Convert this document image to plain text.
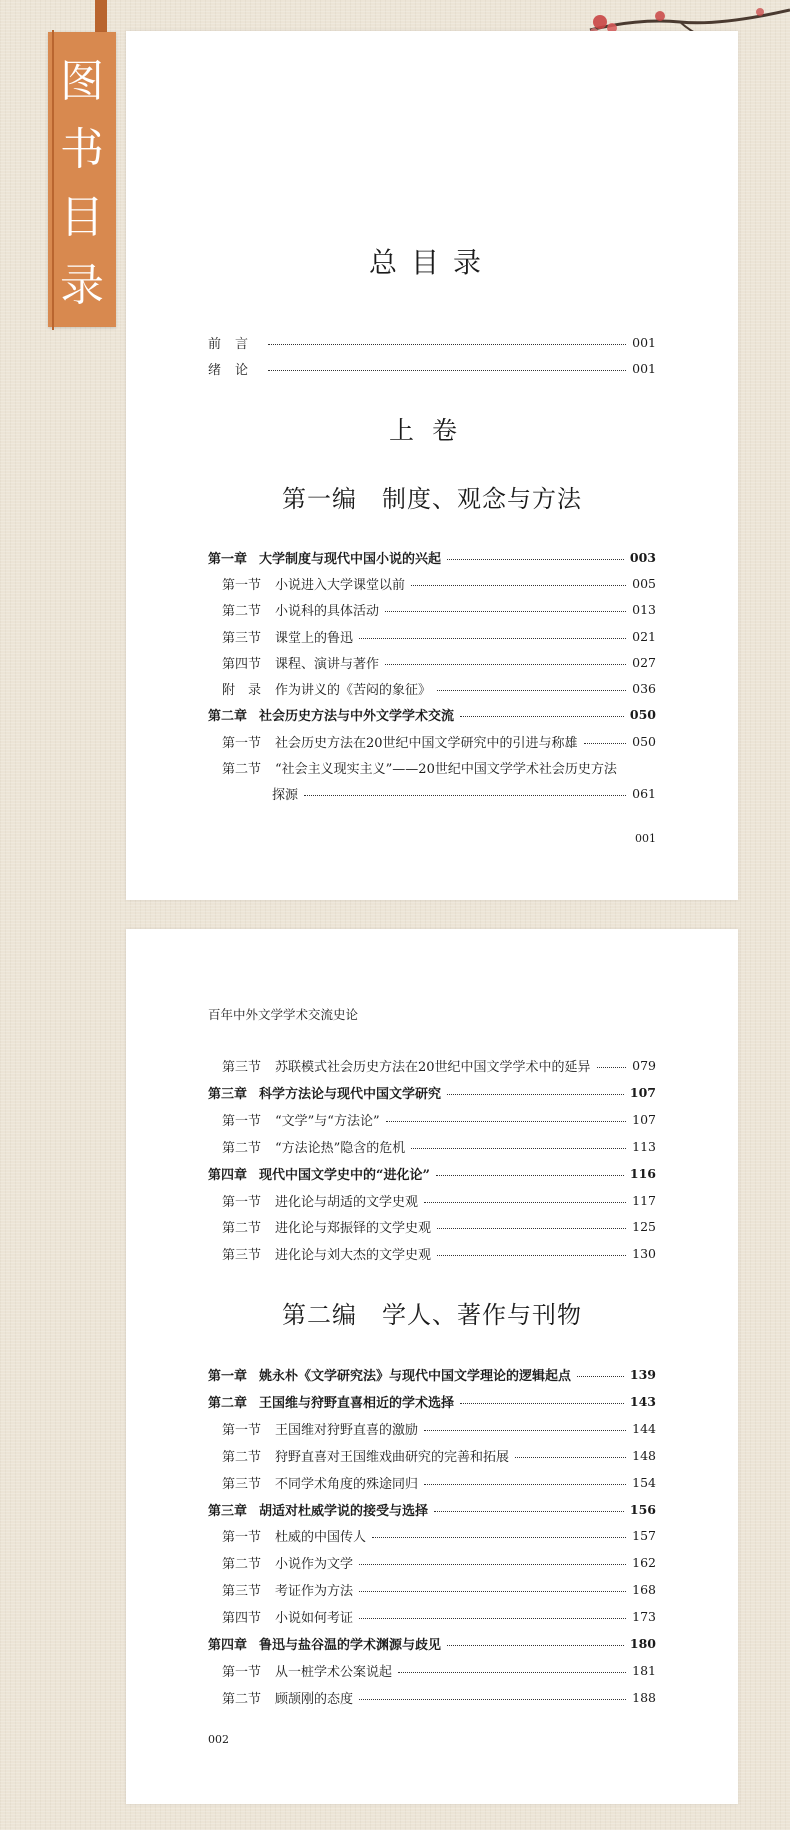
图
书
目
录	总目录
前言	001
绪论	001
上卷
第一编　制度、观念与方法
第一章 大学制度与现代中国小说的兴起	003
第一节	小说进入大学课堂以前	005
第二节	小说科的具体活动	013
第三节	课堂上的鲁迅	021
第四节	课程、演讲与著作	027
附　录	作为讲义的《苦闷的象征》	036
第二章 社会历史方法与中外文学学术交流	050
第一节	社会历史方法在20世纪中国文学研究中的引进与称雄	050
第二节	“社会主义现实主义”——20世纪中国文学学术社会历史方法
探源	061
001
百年中外文学学术交流史论
第三节	苏联模式社会历史方法在20世纪中国文学学术中的延异	079
第三章 科学方法论与现代中国文学研究	107
第一节	“文学”与“方法论”	107
第二节	“方法论热”隐含的危机	113
第四章 现代中国文学史中的“进化论”	116
第一节	进化论与胡适的文学史观	117
第二节	进化论与郑振铎的文学史观	125
第三节	进化论与刘大杰的文学史观	130
第二编　学人、著作与刊物
第一章 姚永朴《文学研究法》与现代中国文学理论的逻辑起点	139
第二章 王国维与狩野直喜相近的学术选择	143
第一节	王国维对狩野直喜的激励	144
第二节	狩野直喜对王国维戏曲研究的完善和拓展	148
第三节	不同学术角度的殊途同归	154
第三章 胡适对杜威学说的接受与选择	156
第一节	杜威的中国传人	157
第二节	小说作为文学	162
第三节	考证作为方法	168
第四节	小说如何考证	173
第四章 鲁迅与盐谷温的学术渊源与歧见	180
第一节	从一桩学术公案说起	181
第二节	顾颉刚的态度	188
002
